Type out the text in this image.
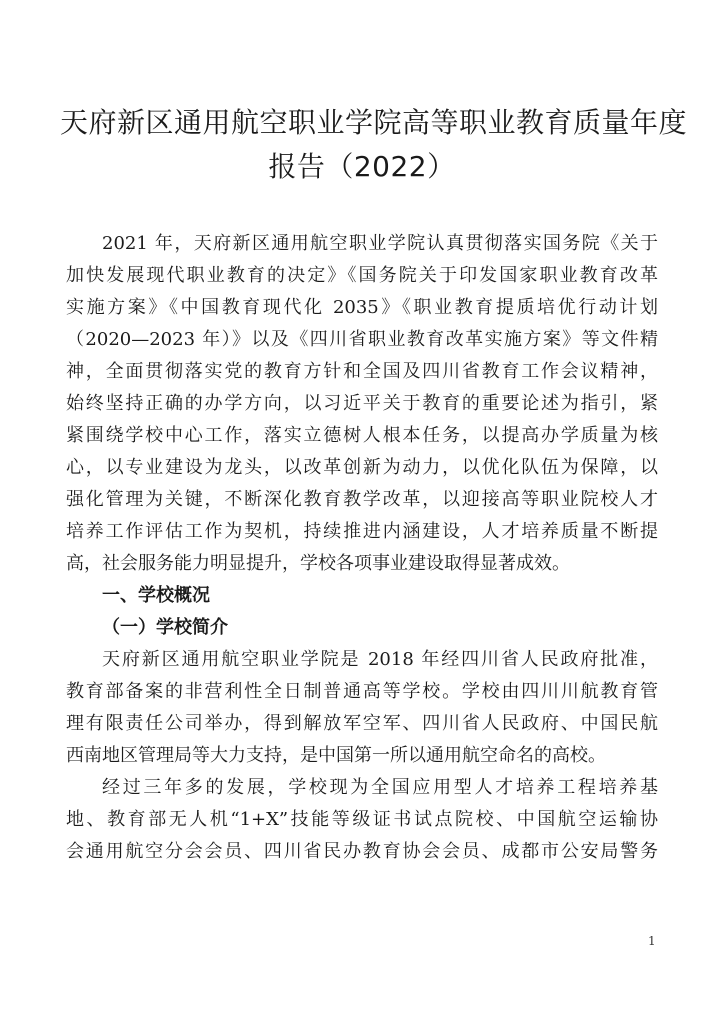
天府新区通用航空职业学院高等职业教育质量年度
报告（2022）
2021 年，天府新区通用航空职业学院认真贯彻落实国务院《关于
加快发展现代职业教育的决定》《国务院关于印发国家职业教育改革
实施方案》《中国教育现代化 2035》《职业教育提质培优行动计划
（2020—2023 年）》以及《四川省职业教育改革实施方案》等文件精
神，全面贯彻落实党的教育方针和全国及四川省教育工作会议精神，
始终坚持正确的办学方向，以习近平关于教育的重要论述为指引，紧
紧围绕学校中心工作，落实立德树人根本任务，以提高办学质量为核
心，以专业建设为龙头，以改革创新为动力，以优化队伍为保障，以
强化管理为关键，不断深化教育教学改革，以迎接高等职业院校人才
培养工作评估工作为契机，持续推进内涵建设，人才培养质量不断提
高，社会服务能力明显提升，学校各项事业建设取得显著成效。
一、学校概况
（一）学校简介
天府新区通用航空职业学院是 2018 年经四川省人民政府批准，
教育部备案的非营利性全日制普通高等学校。学校由四川川航教育管
理有限责任公司举办，得到解放军空军、四川省人民政府、中国民航
西南地区管理局等大力支持，是中国第一所以通用航空命名的高校。
经过三年多的发展，学校现为全国应用型人才培养工程培养基
地、教育部无人机“1+X”技能等级证书试点院校、中国航空运输协
会通用航空分会会员、四川省民办教育协会会员、成都市公安局警务
1
